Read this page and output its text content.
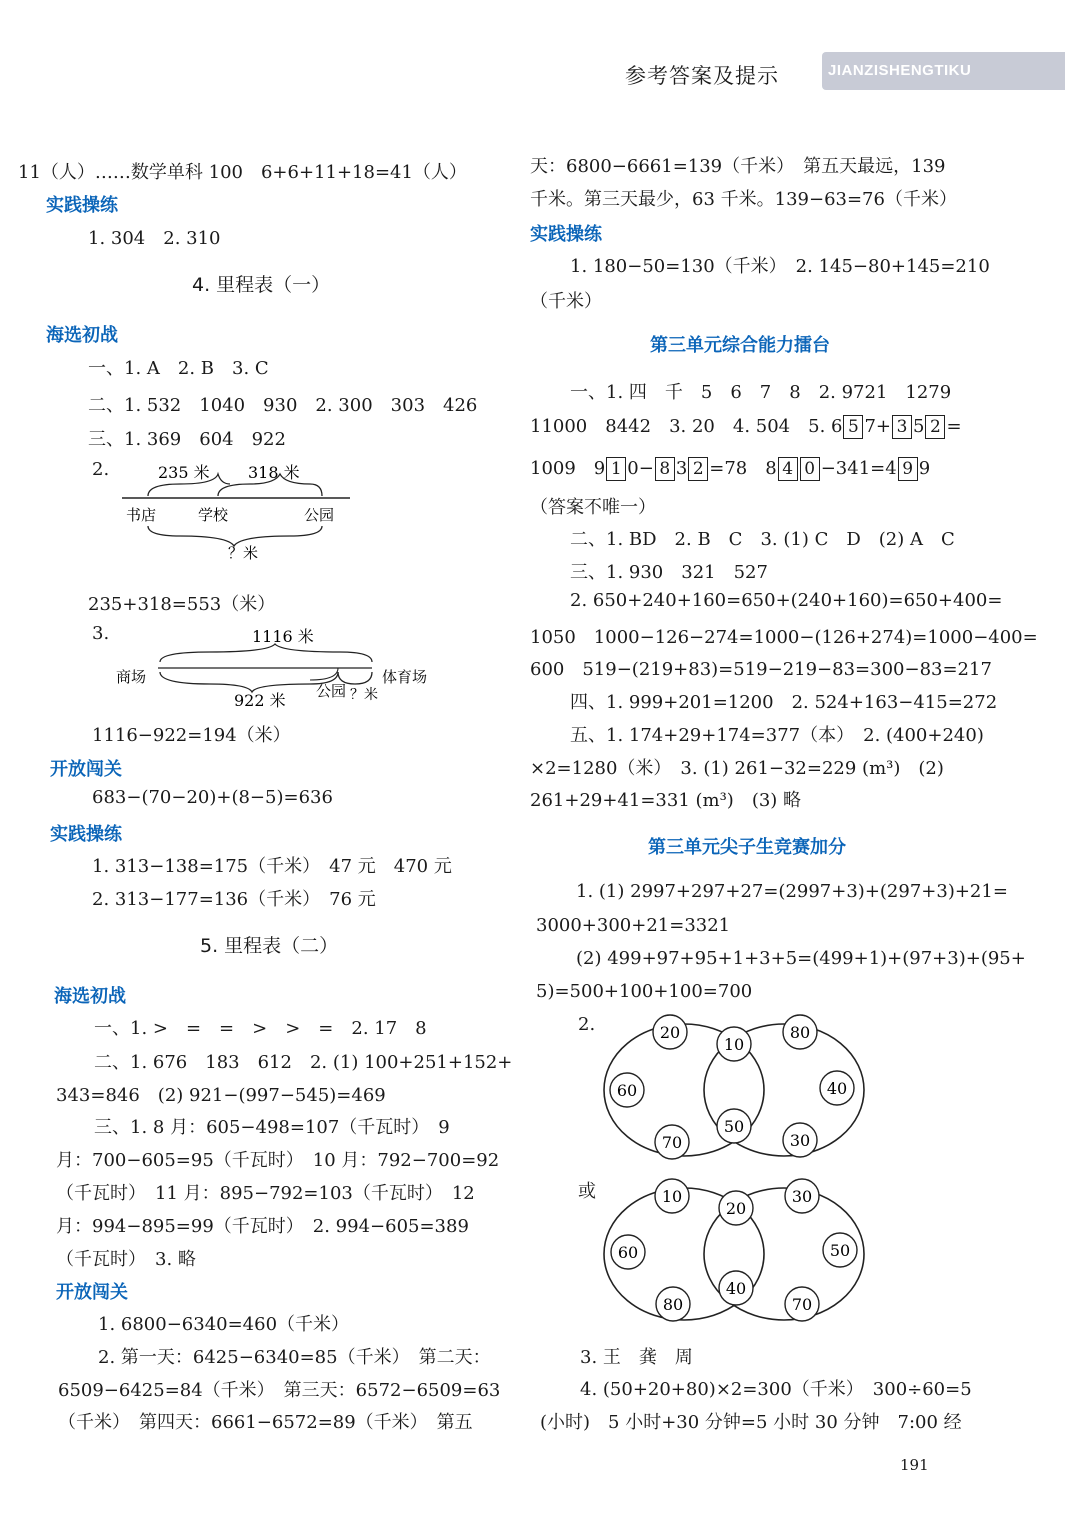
参考答案及提示	JIANZISHENGTIKU
11（人）……数学单科 100　6+6+11+18=41（人）
实践操练
1. 304　2. 310
4. 里程表（一）
海选初战
一、1. A　2. B　3. C
二、1. 532　1040　930　2. 300　303　426
三、1. 369　604　922
2.	235 米 318 米
书店	学校	公园
？米
235+318=553（米）
3.	1116 米
商场	体育场
922 米 公园 ？米
1116−922=194（米）
开放闯关
683−(70−20)+(8−5)=636
实践操练
1. 313−138=175（千米）　47 元　470 元
2. 313−177=136（千米）　76 元
5. 里程表（二）
海选初战
一、1. >　=　=　>　>　=　2. 17　8
二、1. 676　183　612　2. (1) 100+251+152+
343=846　(2) 921−(997−545)=469
三、1. 8 月：605−498=107（千瓦时）　9
月：700−605=95（千瓦时）　10 月：792−700=92
（千瓦时）　11 月：895−792=103（千瓦时）　12
月：994−895=99（千瓦时）　2. 994−605=389
（千瓦时）　3. 略
开放闯关
1. 6800−6340=460（千米）
2. 第一天：6425−6340=85（千米）　第二天：
6509−6425=84（千米）　第三天：6572−6509=63
（千米）　第四天：6661−6572=89（千米）　第五
天：6800−6661=139（千米）　第五天最远，139
千米。第三天最少，63 千米。139−63=76（千米）
实践操练
1. 180−50=130（千米）　2. 145−80+145=210
（千米）
第三单元综合能力擂台
一、1. 四　千　5　6　7　8　2. 9721　1279
11000　8442　3. 20　4. 504　5. 6 5 7+ 3 5 2 =
1009　9 1 0− 8 3 2 =78　8 4 0 −341=4 9 9
（答案不唯一）
二、1. BD　2. B　C　3. (1) C　D　(2) A　C
三、1. 930　321　527
2. 650+240+160=650+(240+160)=650+400=
1050　1000−126−274=1000−(126+274)=1000−400=
600　519−(219+83)=519−219−83=300−83=217
四、1. 999+201=1200　2. 524+163−415=272
五、1. 174+29+174=377（本）　2. (400+240)
×2=1280（米）　3. (1) 261−32=229 (m³)　(2)
261+29+41=331 (m³)　(3) 略
第三单元尖子生竞赛加分
1. (1) 2997+297+27=(2997+3)+(297+3)+21=
3000+300+21=3321
(2) 499+97+95+1+3+5=(499+1)+(97+3)+(95+
5)=500+100+100=700
2.	20
10
80
60
50
40
70	30
或	10
20
30
60
40
50
80	70
3. 王　龚　周
4. (50+20+80)×2=300（千米）　300÷60=5
(小时)　5 小时+30 分钟=5 小时 30 分钟　7:00 经
191
